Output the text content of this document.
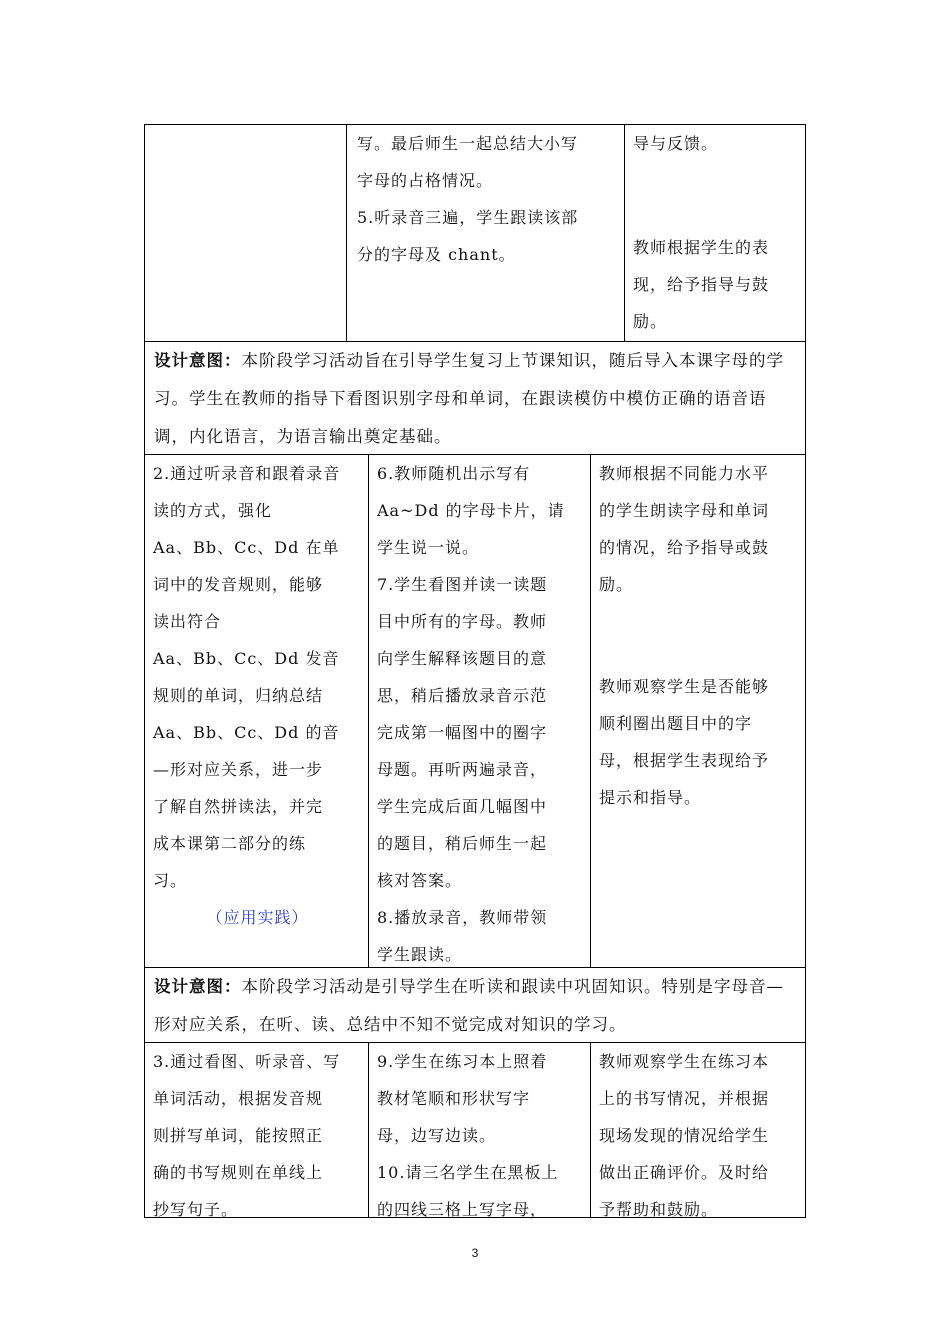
写。最后师生一起总结大小写
字母的占格情况。
5.听录音三遍，学生跟读该部
分的字母及 chant。
导与反馈。
教师根据学生的表
现，给予指导与鼓
励。
设计意图：本阶段学习活动旨在引导学生复习上节课知识，随后导入本课字母的学习。学生在教师的指导下看图识别字母和单词，在跟读模仿中模仿正确的语音语调，内化语言，为语言输出奠定基础。
2.通过听录音和跟着录音
读的方式，强化
Aa、Bb、Cc、Dd 在单
词中的发音规则，能够
读出符合
Aa、Bb、Cc、Dd 发音
规则的单词，归纳总结
Aa、Bb、Cc、Dd 的音
—形对应关系，进一步
了解自然拼读法，并完
成本课第二部分的练
习。
（应用实践）
6.教师随机出示写有
Aa~Dd 的字母卡片，请
学生说一说。
7.学生看图并读一读题
目中所有的字母。教师
向学生解释该题目的意
思，稍后播放录音示范
完成第一幅图中的圈字
母题。再听两遍录音，
学生完成后面几幅图中
的题目，稍后师生一起
核对答案。
8.播放录音，教师带领
学生跟读。
教师根据不同能力水平
的学生朗读字母和单词
的情况，给予指导或鼓
励。
教师观察学生是否能够
顺利圈出题目中的字
母，根据学生表现给予
提示和指导。
设计意图：本阶段学习活动是引导学生在听读和跟读中巩固知识。特别是字母音—形对应关系，在听、读、总结中不知不觉完成对知识的学习。
3.通过看图、听录音、写
单词活动，根据发音规
则拼写单词，能按照正
确的书写规则在单线上
抄写句子。
9.学生在练习本上照着
教材笔顺和形状写字
母，边写边读。
10.请三名学生在黑板上
的四线三格上写字母，
教师观察学生在练习本
上的书写情况，并根据
现场发现的情况给学生
做出正确评价。及时给
予帮助和鼓励。
3
